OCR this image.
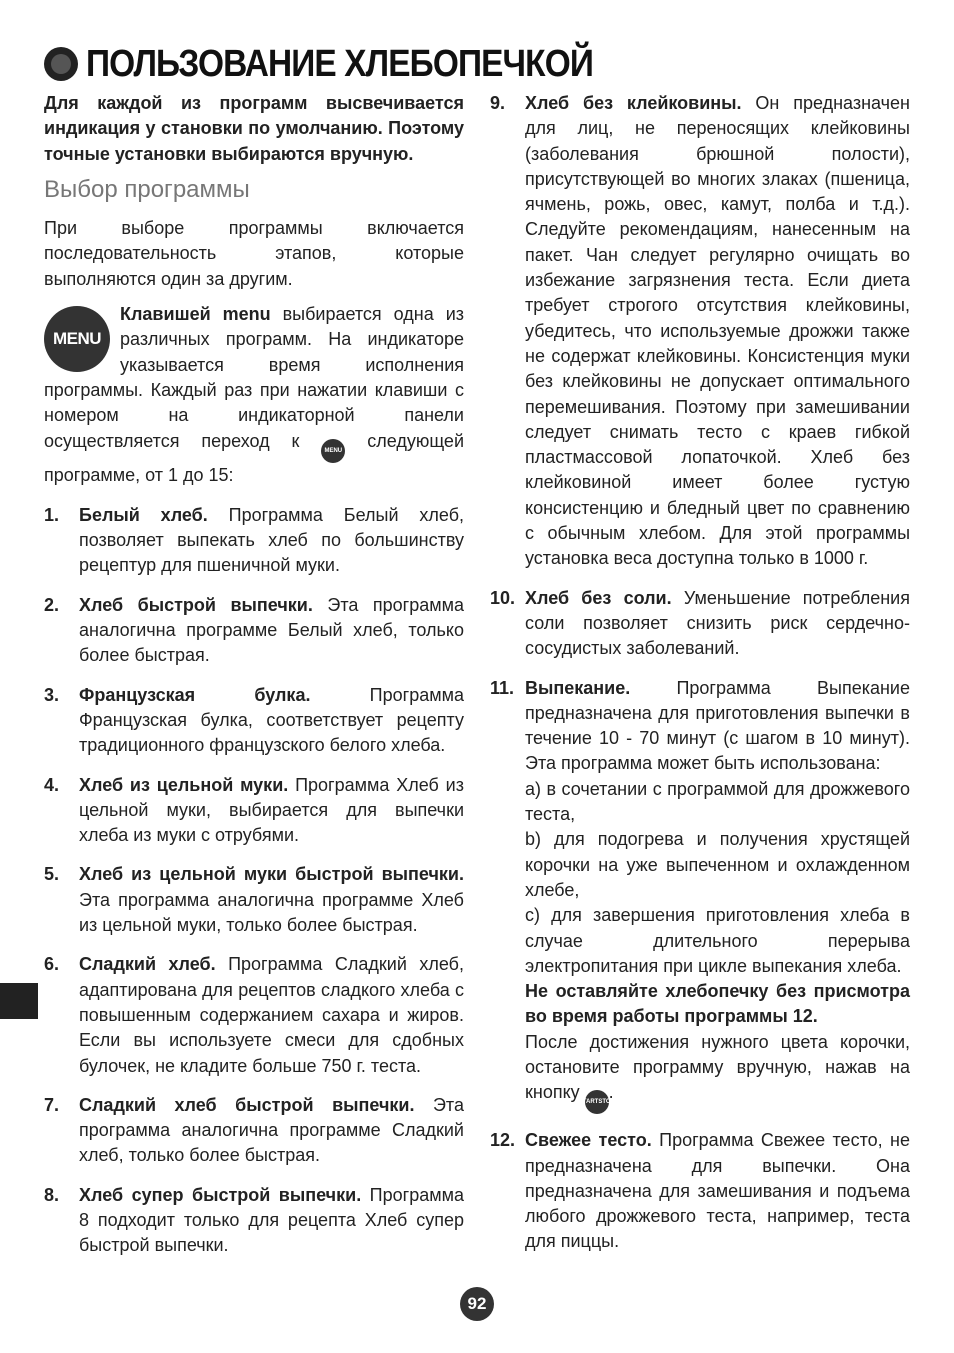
ПОЛЬЗОВАНИЕ ХЛЕБОПЕЧКОЙ

Для каждой из программ высвечивается индикация у становки по умолчанию. Поэтому точные установки выбираются вручную.

Выбор программы

При выборе программы включается последовательность этапов, которые выполняются один за другим.

MENU
Клавишей menu выбирается одна из различных программ. На индикаторе указывается время исполнения программы. Каждый раз при нажатии клавиши с номером на индикаторной панели осуществляется переход к MENU следующей программе, от 1 до 15:
1. Белый хлеб. Программа Белый хлеб, позволяет выпекать хлеб по большинству рецептур для пшеничной муки.
2. Хлеб быстрой выпечки. Эта программа аналогична программе Белый хлеб, только более быстрая.
3. Французская булка. Программа Французская булка, соответствует рецепту традиционного французского белого хлеба.
4. Хлеб из цельной муки. Программа Хлеб из цельной муки, выбирается для выпечки хлеба из муки с отрубями.
5. Хлеб из цельной муки быстрой выпечки. Эта программа аналогична программе Хлеб из цельной муки, только более быстрая.
6. Сладкий хлеб. Программа Сладкий хлеб, адаптирована для рецептов сладкого хлеба с повышенным содержанием сахара и жиров. Если вы используете смеси для сдобных булочек, не кладите больше 750 г. теста.
7. Сладкий хлеб быстрой выпечки. Эта программа аналогична программе Сладкий хлеб, только более быстрая.
8. Хлеб супер быстрой выпечки. Программа 8 подходит только для рецепта Хлеб супер быстрой выпечки.
9. Хлеб без клейковины. Он предназначен для лиц, не переносящих клейковины (заболевания брюшной полости), присутствующей во многих злаках (пшеница, ячмень, рожь, овес, камут, полба и т.д.). Следуйте рекомендациям, нанесенным на пакет. Чан следует регулярно очищать во избежание загрязнения теста. Если диета требует строгого отсутствия клейковины, убедитесь, что используемые дрожжи также не содержат клейковины. Консистенция муки без клейковины не допускает оптимального перемешивания. Поэтому при замешивании следует снимать тесто с краев гибкой пластмассовой лопаточкой. Хлеб без клейковиной имеет более густую консистенцию и бледный цвет по сравнению с обычным хлебом. Для этой программы установка веса доступна только в 1000 г.
10. Хлеб без соли. Уменьшение потребления соли позволяет снизить риск сердечно-сосудистых заболеваний.
11. Выпекание. Программа Выпекание предназначена для приготовления выпечки в течение 10 - 70 минут (с шагом в 10 минут). Эта программа может быть использована:
a) в сочетании с программой для дрожжевого теста,
b) для подогрева и получения хрустящей корочки на уже выпеченном и охлажденном хлебе,
c) для завершения приготовления хлеба в случае длительного перерыва электропитания при цикле выпекания хлеба.
Не оставляйте хлебопечку без присмотра во время работы программы 12.
После достижения нужного цвета корочки, остановите программу вручную, нажав на кнопку
START STOP
.
12. Свежее тесто. Программа Свежее тесто, не предназначена для выпечки. Она предназначена для замешивания и подъема любого дрожжевого теста, например, теста для пиццы.
92
